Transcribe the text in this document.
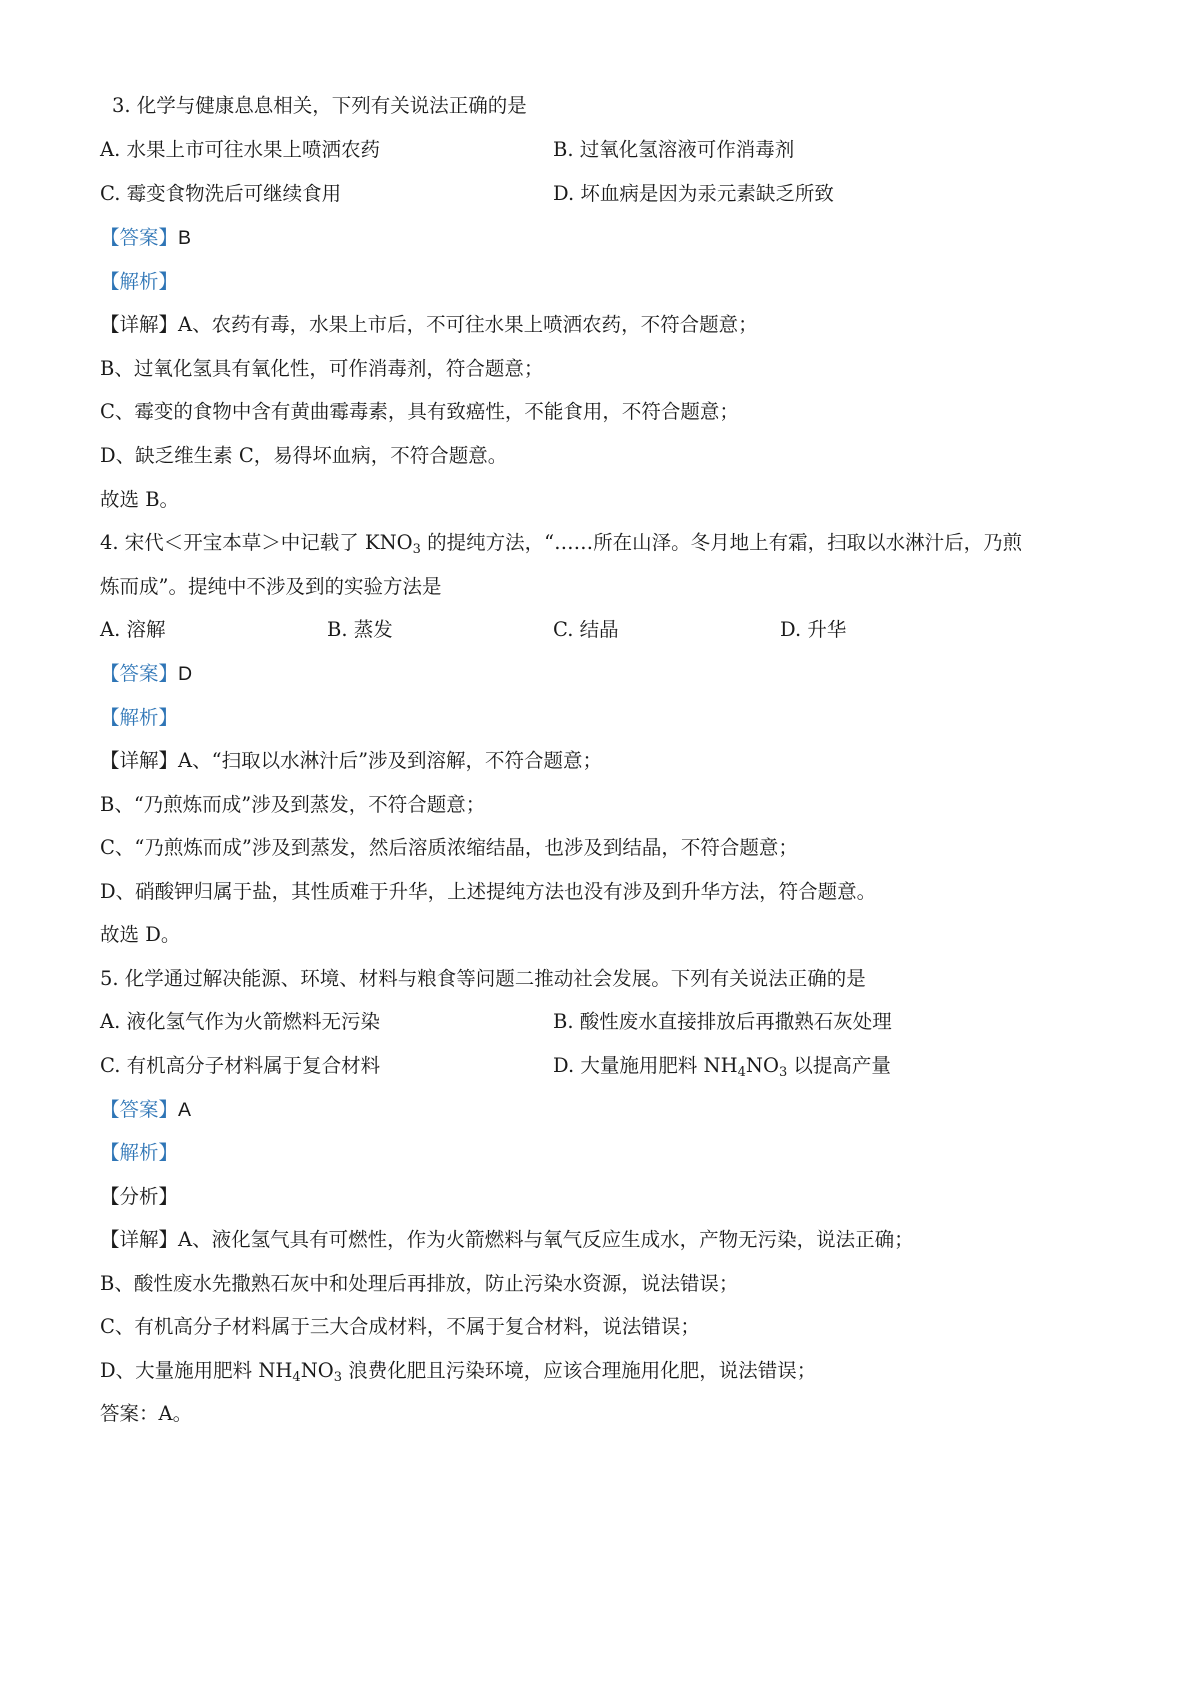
3. 化学与健康息息相关，下列有关说法正确的是
A. 水果上市可往水果上喷洒农药	B. 过氧化氢溶液可作消毒剂
C. 霉变食物洗后可继续食用	D. 坏血病是因为汞元素缺乏所致
【答案】B
【解析】
【详解】A、农药有毒，水果上市后，不可往水果上喷洒农药，不符合题意；
B、过氧化氢具有氧化性，可作消毒剂，符合题意；
C、霉变的食物中含有黄曲霉毒素，具有致癌性，不能食用，不符合题意；
D、缺乏维生素 C，易得坏血病，不符合题意。
故选 B。
4. 宋代＜开宝本草＞中记载了 $KNO_3$ 的提纯方法，“……所在山泽。冬月地上有霜，扫取以水淋汁后，乃煎
炼而成”。提纯中不涉及到的实验方法是
A. 溶解	B. 蒸发	C. 结晶	D. 升华
【答案】D
【解析】
【详解】A、“扫取以水淋汁后”涉及到溶解，不符合题意；
B、“乃煎炼而成”涉及到蒸发，不符合题意；
C、“乃煎炼而成”涉及到蒸发，然后溶质浓缩结晶，也涉及到结晶，不符合题意；
D、硝酸钾归属于盐，其性质难于升华，上述提纯方法也没有涉及到升华方法，符合题意。
故选 D。
5. 化学通过解决能源、环境、材料与粮食等问题二推动社会发展。下列有关说法正确的是
A. 液化氢气作为火箭燃料无污染	B. 酸性废水直接排放后再撒熟石灰处理
C. 有机高分子材料属于复合材料	D. 大量施用肥料 $NH_4NO_3$ 以提高产量
【答案】A
【解析】
【分析】
【详解】A、液化氢气具有可燃性，作为火箭燃料与氧气反应生成水，产物无污染，说法正确；
B、酸性废水先撒熟石灰中和处理后再排放，防止污染水资源，说法错误；
C、有机高分子材料属于三大合成材料，不属于复合材料，说法错误；
D、大量施用肥料 $NH_4NO_3$ 浪费化肥且污染环境，应该合理施用化肥，说法错误；
答案：A。
